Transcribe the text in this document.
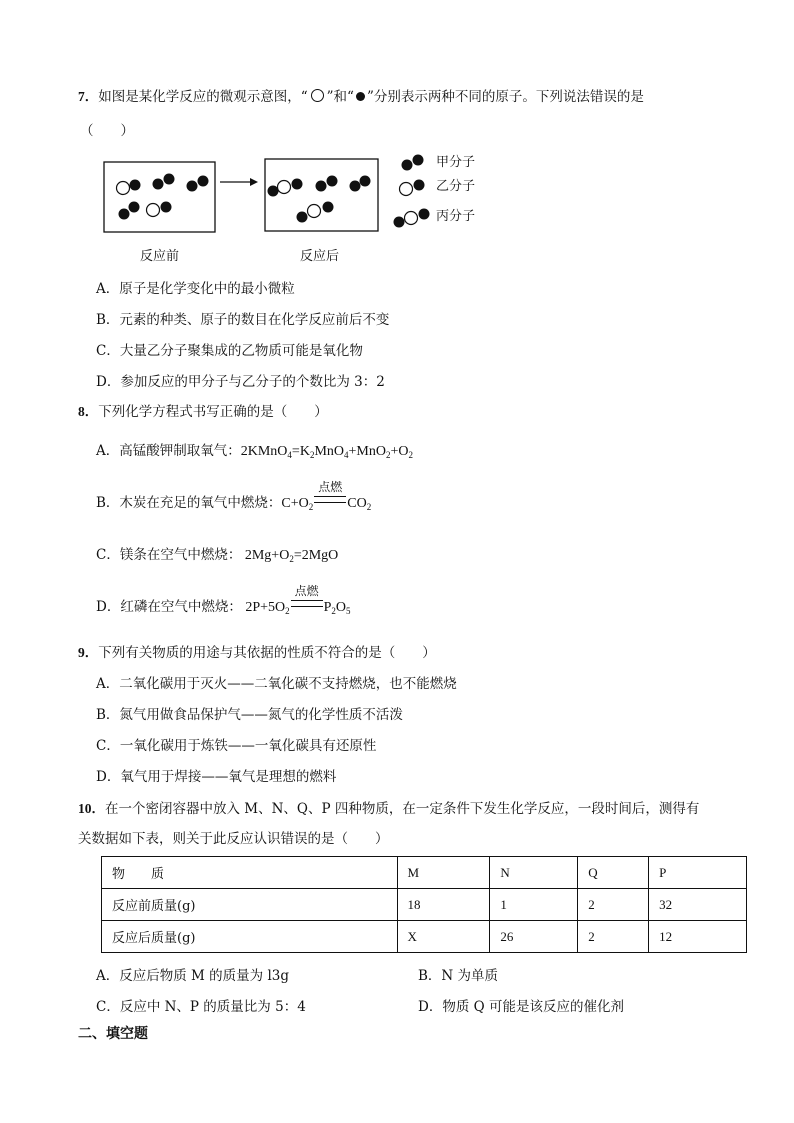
7．如图是某化学反应的微观示意图，“ ”和“ ”分别表示两种不同的原子。下列说法错误的是
（　　）
甲分子
乙分子
丙分子
反应前	反应后
A．原子是化学变化中的最小微粒
B．元素的种类、原子的数目在化学反应前后不变
C．大量乙分子聚集成的乙物质可能是氧化物
D．参加反应的甲分子与乙分子的个数比为 3：2
8．下列化学方程式书写正确的是（　　）
A．高锰酸钾制取氧气：$2KMnO_4=K_2MnO_4+MnO_2+O_2$
B．木炭在充足的氧气中燃烧：$C+O_2$
点燃
$CO_2$
C．镁条在空气中燃烧： $2Mg+O_2=2MgO$
D．红磷在空气中燃烧： $2P+5O_2$
点燃
$P_2O_5$
9．下列有关物质的用途与其依据的性质不符合的是（　　）
A．二氧化碳用于灭火——二氧化碳不支持燃烧，也不能燃烧
B．氮气用做食品保护气——氮气的化学性质不活泼
C．一氧化碳用于炼铁——一氧化碳具有还原性
D．氧气用于焊接——氧气是理想的燃料
10．在一个密闭容器中放入 M、N、Q、P 四种物质，在一定条件下发生化学反应，一段时间后，测得有
关数据如下表，则关于此反应认识错误的是（　　）
物　　质	M	N	Q	P
反应前质量(g)	18	1	2	32
反应后质量(g)	X	26	2	12
A．反应后物质 M 的质量为 l3g	B．N 为单质
C．反应中 N、P 的质量比为 5：4	D．物质 Q 可能是该反应的催化剂
二、填空题
